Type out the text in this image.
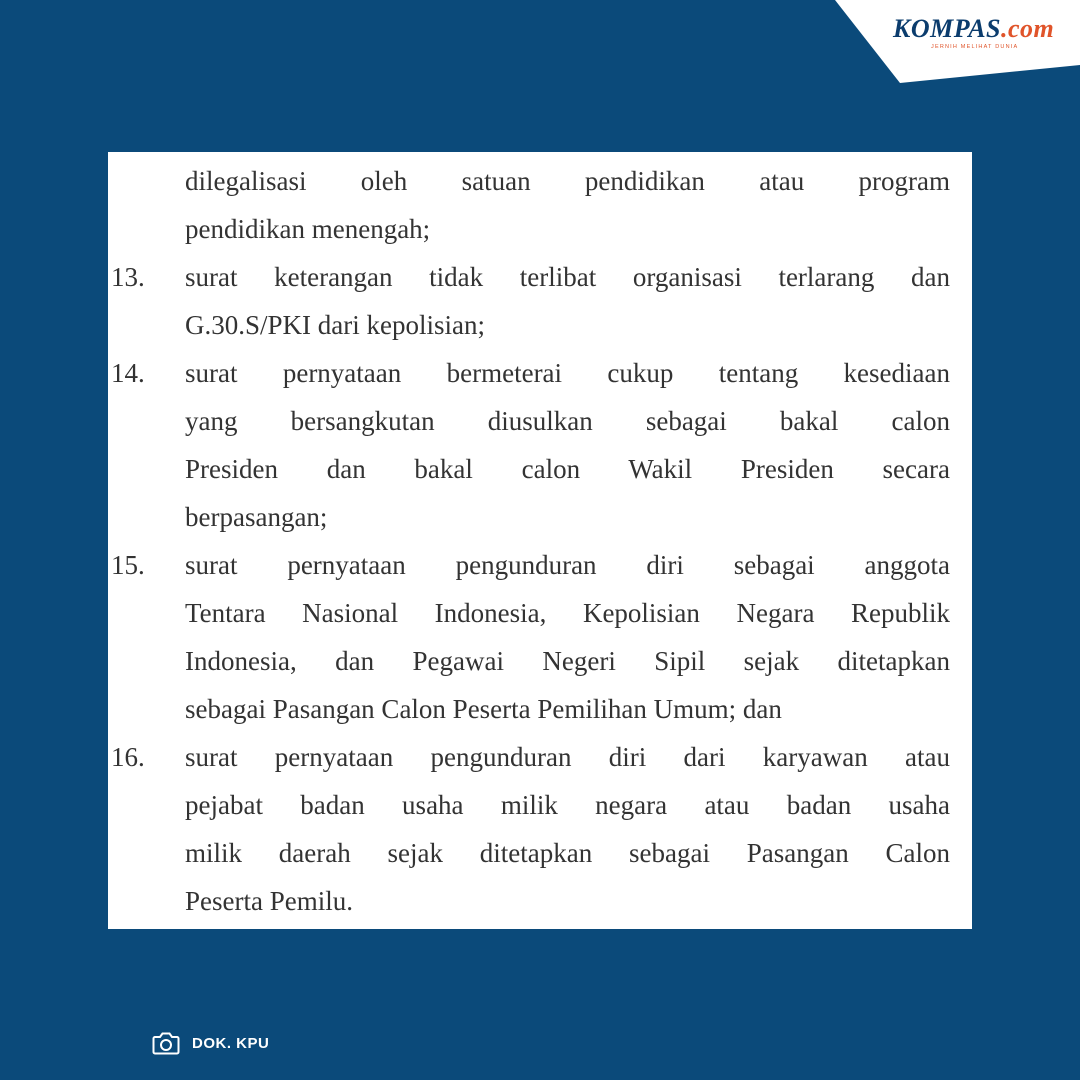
KOMPAS.com
JERNIH MELIHAT DUNIA
dilegalisasi oleh satuan pendidikan atau program
pendidikan menengah;
13.	surat keterangan tidak terlibat organisasi terlarang dan
G.30.S/PKI dari kepolisian;
14.	surat pernyataan bermeterai cukup tentang kesediaan
yang bersangkutan diusulkan sebagai bakal calon
Presiden dan bakal calon Wakil Presiden secara
berpasangan;
15.	surat pernyataan pengunduran diri sebagai anggota
Tentara Nasional Indonesia, Kepolisian Negara Republik
Indonesia, dan Pegawai Negeri Sipil sejak ditetapkan
sebagai Pasangan Calon Peserta Pemilihan Umum; dan
16.	surat pernyataan pengunduran diri dari karyawan atau
pejabat badan usaha milik negara atau badan usaha
milik daerah sejak ditetapkan sebagai Pasangan Calon
Peserta Pemilu.
DOK. KPU
